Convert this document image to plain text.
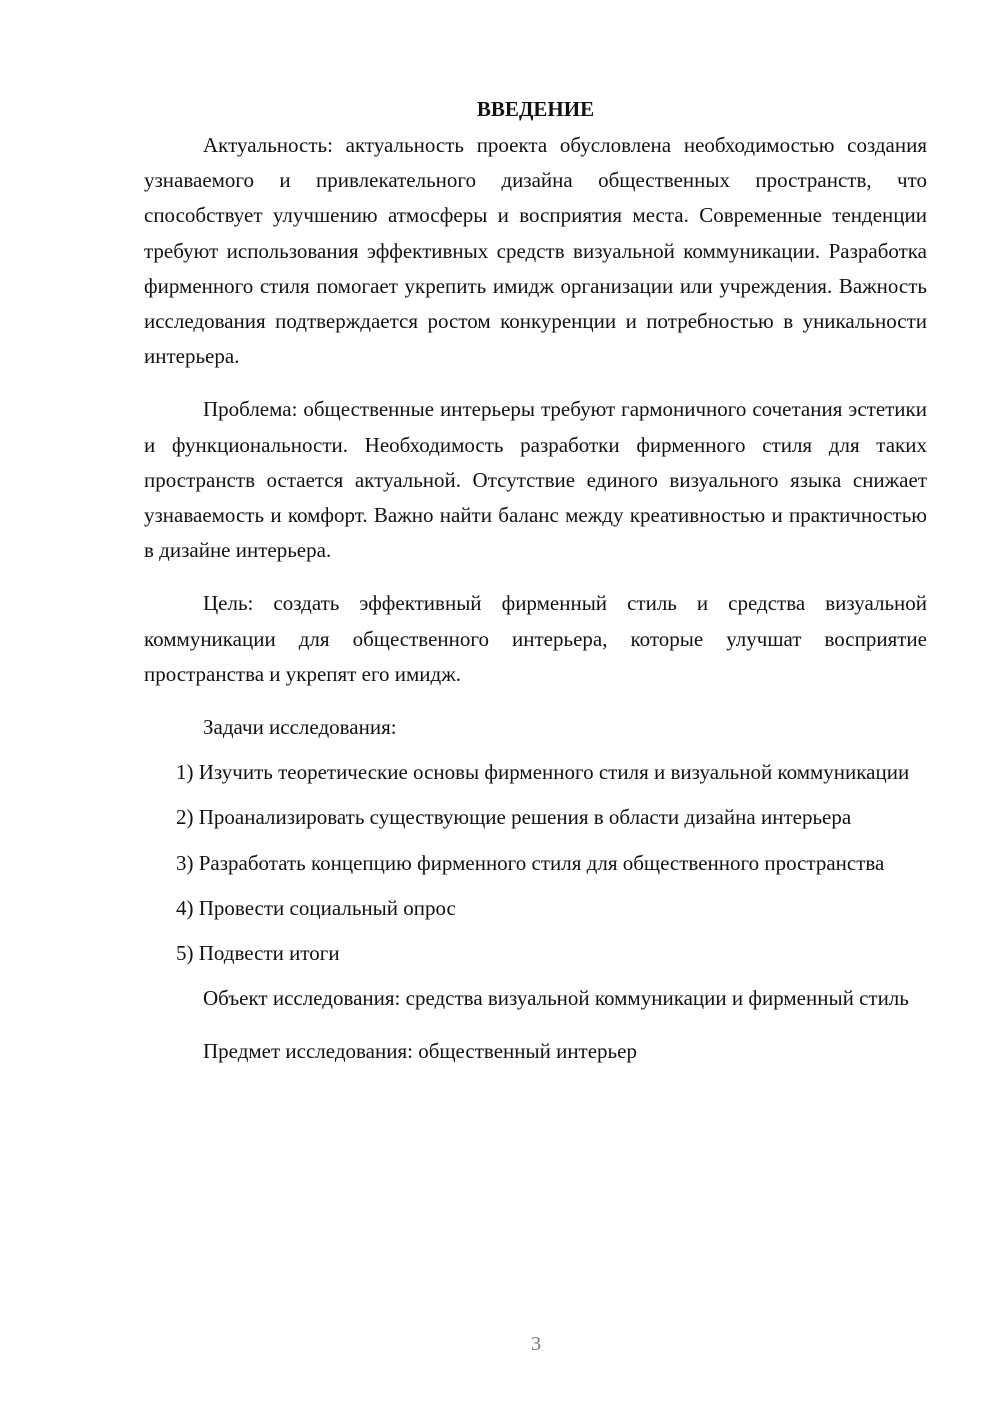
ВВЕДЕНИЕ

Актуальность: актуальность проекта обусловлена необходимостью создания узнаваемого и привлекательного дизайна общественных пространств, что способствует улучшению атмосферы и восприятия места. Современные тенденции требуют использования эффективных средств визуальной коммуникации. Разработка фирменного стиля помогает укрепить имидж организации или учреждения. Важность исследования подтверждается ростом конкуренции и потребностью в уникальности интерьера.

Проблема: общественные интерьеры требуют гармоничного сочетания эстетики и функциональности. Необходимость разработки фирменного стиля для таких пространств остается актуальной. Отсутствие единого визуального языка снижает узнаваемость и комфорт. Важно найти баланс между креативностью и практичностью в дизайне интерьера.

Цель: создать эффективный фирменный стиль и средства визуальной коммуникации для общественного интерьера, которые улучшат восприятие пространства и укрепят его имидж.

Задачи исследования:

1) Изучить теоретические основы фирменного стиля и визуальной коммуникации

2) Проанализировать существующие решения в области дизайна интерьера

3) Разработать концепцию фирменного стиля для общественного пространства

4) Провести социальный опрос

5) Подвести итоги

Объект исследования: средства визуальной коммуникации и фирменный стиль

Предмет исследования: общественный интерьер

3
